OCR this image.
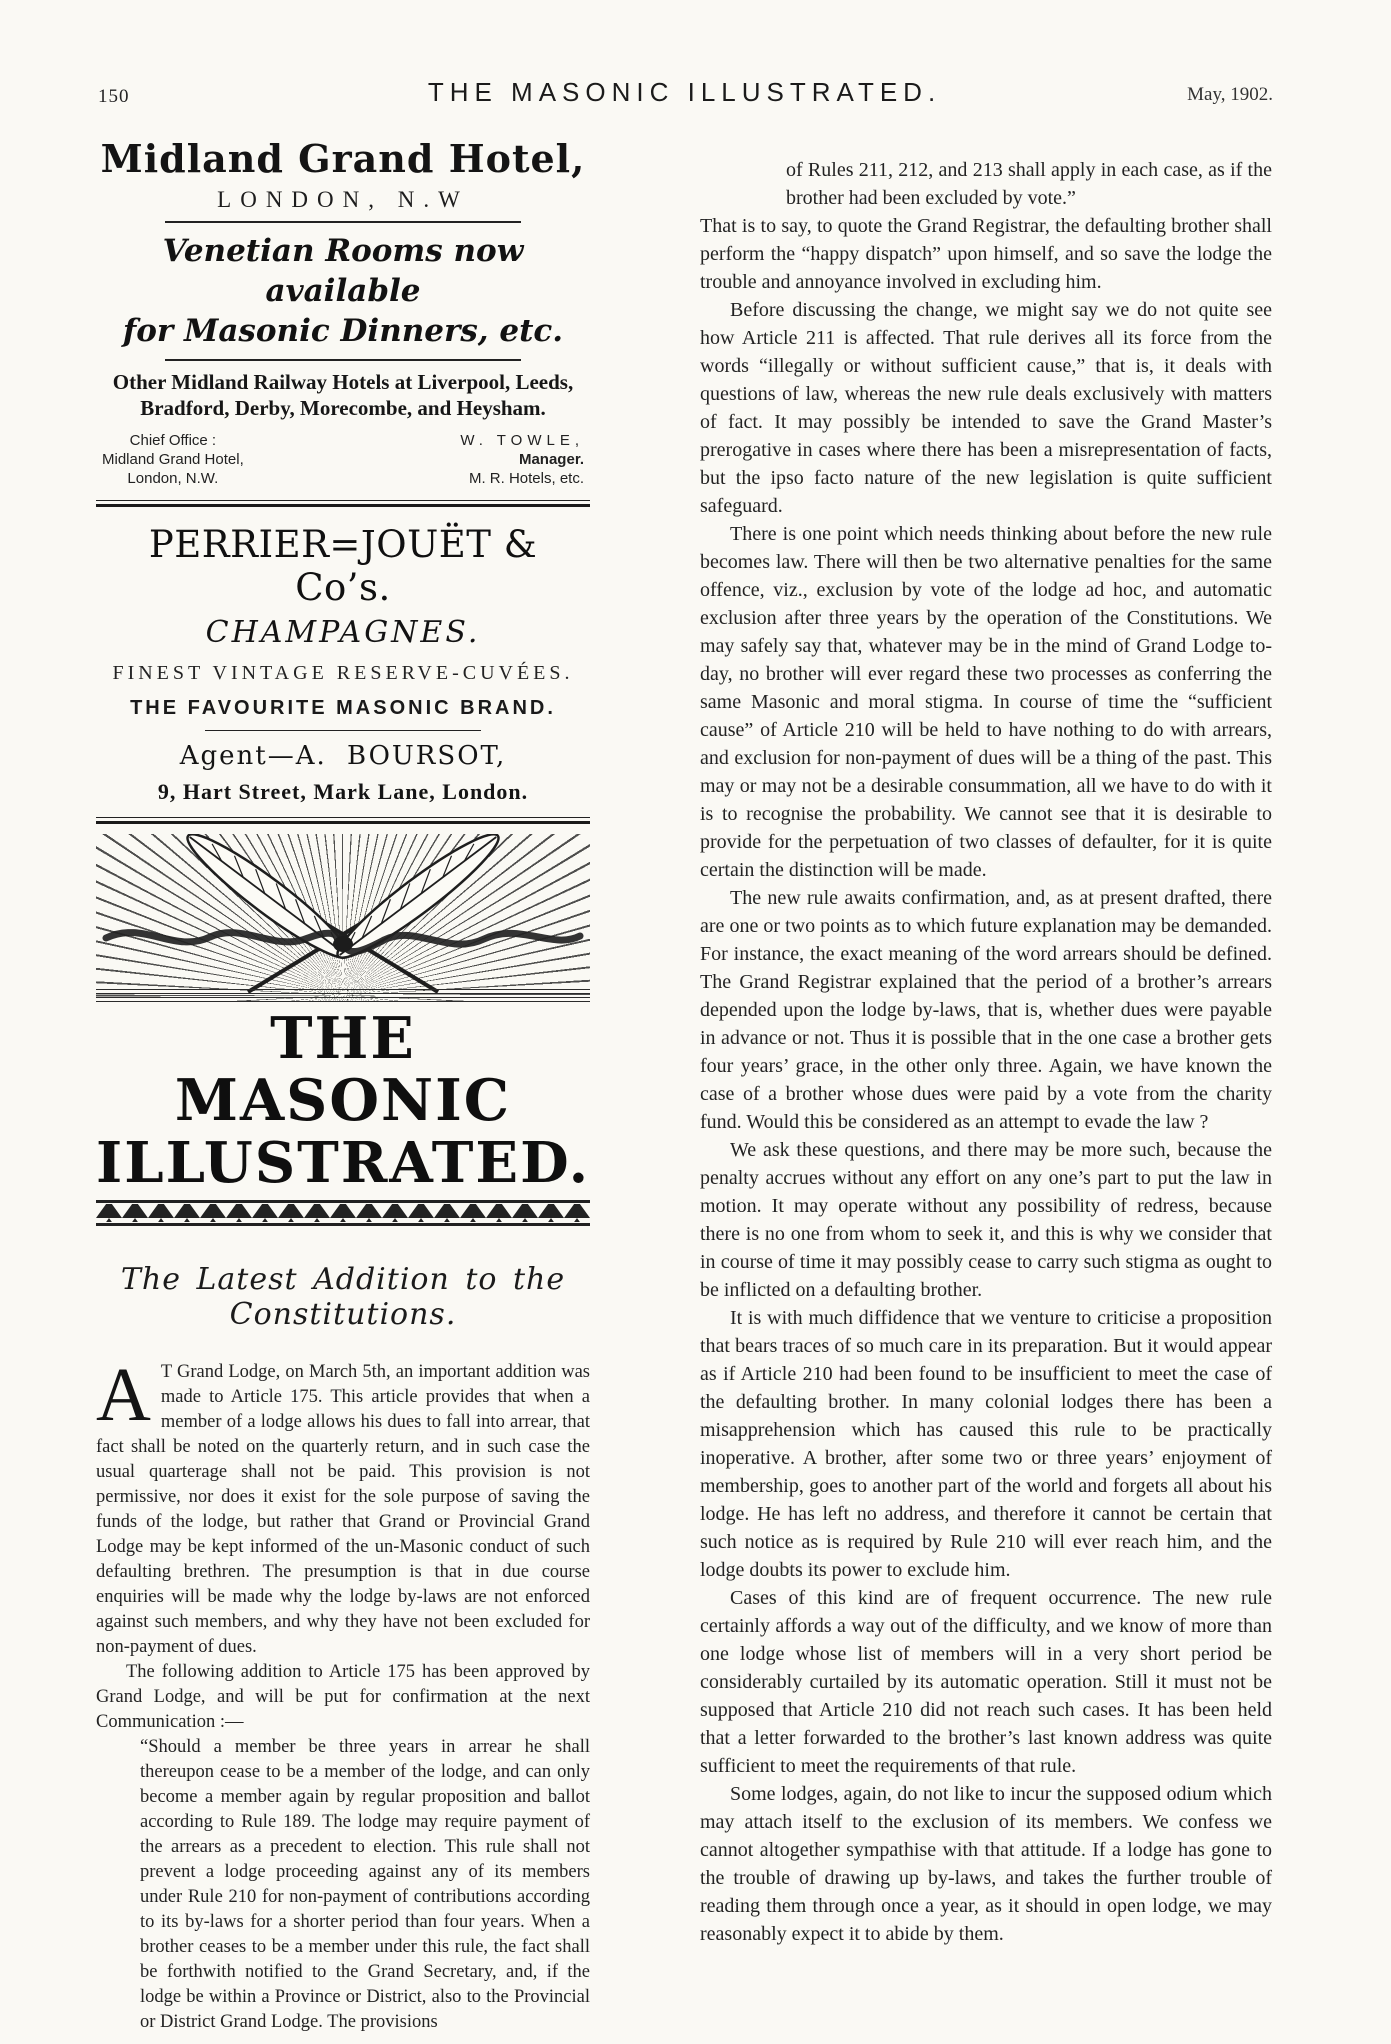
150	THE MASONIC ILLUSTRATED.	May, 1902.
Midland Grand Hotel,
LONDON, N.W
Venetian Rooms now available
for Masonic Dinners, etc.
Other Midland Railway Hotels at Liverpool, Leeds,
Bradford, Derby, Morecombe, and Heysham.
Chief Office :
Midland Grand Hotel,
London, N.W.
W. TOWLE,
Manager.
M. R. Hotels, etc.
PERRIER=JOUËT & Co’s.
CHAMPAGNES.
FINEST VINTAGE RESERVE-CUVÉES.
THE FAVOURITE MASONIC BRAND.
Agent—A. BOURSOT,
9, Hart Street, Mark Lane, London.
THE MASONIC
ILLUSTRATED.
The Latest Addition to the Constitutions.

A T Grand Lodge, on March 5th, an important addition was made to Article 175. This article provides that when a member of a lodge allows his dues to fall into arrear, that fact shall be noted on the quarterly return, and in such case the usual quarterage shall not be paid. This provision is not permissive, nor does it exist for the sole purpose of saving the funds of the lodge, but rather that Grand or Provincial Grand Lodge may be kept informed of the un-Masonic conduct of such defaulting brethren. The presumption is that in due course enquiries will be made why the lodge by-laws are not enforced against such members, and why they have not been excluded for non-payment of dues.

The following addition to Article 175 has been approved by Grand Lodge, and will be put for confirmation at the next Communication :—

“Should a member be three years in arrear he shall thereupon cease to be a member of the lodge, and can only become a member again by regular proposition and ballot according to Rule 189. The lodge may require payment of the arrears as a precedent to election. This rule shall not prevent a lodge proceeding against any of its members under Rule 210 for non-payment of contributions according to its by-laws for a shorter period than four years. When a brother ceases to be a member under this rule, the fact shall be forthwith notified to the Grand Secretary, and, if the lodge be within a Province or District, also to the Provincial or District Grand Lodge. The provisions
of Rules 211, 212, and 213 shall apply in each case, as if the brother had been excluded by vote.”

That is to say, to quote the Grand Registrar, the defaulting brother shall perform the “happy dispatch” upon himself, and so save the lodge the trouble and annoyance involved in excluding him.

Before discussing the change, we might say we do not quite see how Article 211 is affected. That rule derives all its force from the words “illegally or without sufficient cause,” that is, it deals with questions of law, whereas the new rule deals exclusively with matters of fact. It may possibly be intended to save the Grand Master’s prerogative in cases where there has been a misrepresentation of facts, but the ipso facto nature of the new legislation is quite sufficient safeguard.

There is one point which needs thinking about before the new rule becomes law. There will then be two alternative penalties for the same offence, viz., exclusion by vote of the lodge ad hoc, and automatic exclusion after three years by the operation of the Constitutions. We may safely say that, whatever may be in the mind of Grand Lodge to-day, no brother will ever regard these two processes as conferring the same Masonic and moral stigma. In course of time the “sufficient cause” of Article 210 will be held to have nothing to do with arrears, and exclusion for non-payment of dues will be a thing of the past. This may or may not be a desirable consummation, all we have to do with it is to recognise the probability. We cannot see that it is desirable to provide for the perpetuation of two classes of defaulter, for it is quite certain the distinction will be made.

The new rule awaits confirmation, and, as at present drafted, there are one or two points as to which future explanation may be demanded. For instance, the exact meaning of the word arrears should be defined. The Grand Registrar explained that the period of a brother’s arrears depended upon the lodge by-laws, that is, whether dues were payable in advance or not. Thus it is possible that in the one case a brother gets four years’ grace, in the other only three. Again, we have known the case of a brother whose dues were paid by a vote from the charity fund. Would this be considered as an attempt to evade the law ?

We ask these questions, and there may be more such, because the penalty accrues without any effort on any one’s part to put the law in motion. It may operate without any possibility of redress, because there is no one from whom to seek it, and this is why we consider that in course of time it may possibly cease to carry such stigma as ought to be inflicted on a defaulting brother.

It is with much diffidence that we venture to criticise a proposition that bears traces of so much care in its preparation. But it would appear as if Article 210 had been found to be insufficient to meet the case of the defaulting brother. In many colonial lodges there has been a misapprehension which has caused this rule to be practically inoperative. A brother, after some two or three years’ enjoyment of membership, goes to another part of the world and forgets all about his lodge. He has left no address, and therefore it cannot be certain that such notice as is required by Rule 210 will ever reach him, and the lodge doubts its power to exclude him.

Cases of this kind are of frequent occurrence. The new rule certainly affords a way out of the difficulty, and we know of more than one lodge whose list of members will in a very short period be considerably curtailed by its automatic operation. Still it must not be supposed that Article 210 did not reach such cases. It has been held that a letter forwarded to the brother’s last known address was quite sufficient to meet the requirements of that rule.

Some lodges, again, do not like to incur the supposed odium which may attach itself to the exclusion of its members. We confess we cannot altogether sympathise with that attitude. If a lodge has gone to the trouble of drawing up by-laws, and takes the further trouble of reading them through once a year, as it should in open lodge, we may reasonably expect it to abide by them.
